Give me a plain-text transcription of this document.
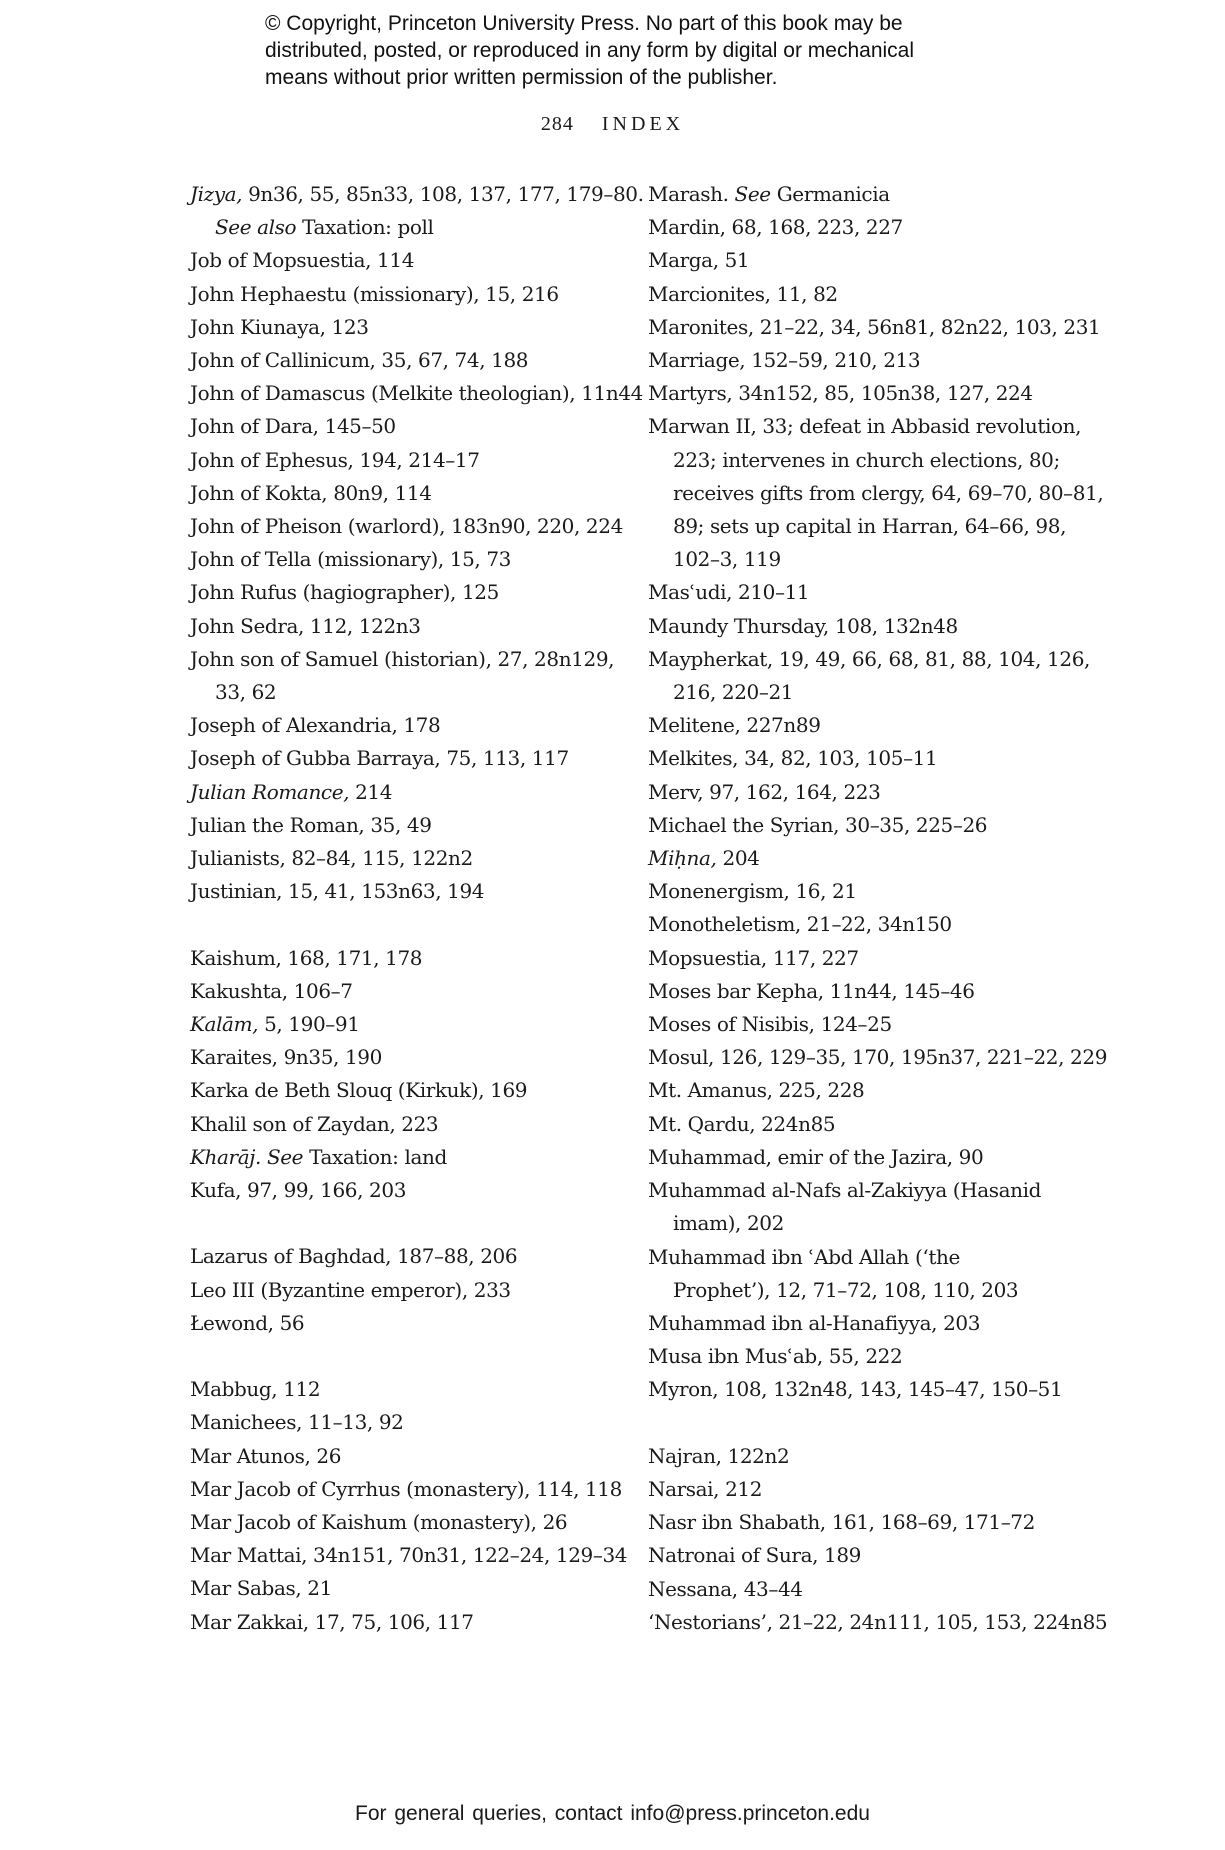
© Copyright, Princeton University Press. No part of this book may be
distributed, posted, or reproduced in any form by digital or mechanical
means without prior written permission of the publisher.
284 INDEX
Jizya, 9n36, 55, 85n33, 108, 137, 177, 179–80.
See also Taxation: poll
Job of Mopsuestia, 114
John Hephaestu (missionary), 15, 216
John Kiunaya, 123
John of Callinicum, 35, 67, 74, 188
John of Damascus (Melkite theologian), 11n44
John of Dara, 145–50
John of Ephesus, 194, 214–17
John of Kokta, 80n9, 114
John of Pheison (warlord), 183n90, 220, 224
John of Tella (missionary), 15, 73
John Rufus (hagiographer), 125
John Sedra, 112, 122n3
John son of Samuel (historian), 27, 28n129,
33, 62
Joseph of Alexandria, 178
Joseph of Gubba Barraya, 75, 113, 117
Julian Romance, 214
Julian the Roman, 35, 49
Julianists, 82–84, 115, 122n2
Justinian, 15, 41, 153n63, 194
Kaishum, 168, 171, 178
Kakushta, 106–7
Kalām, 5, 190–91
Karaites, 9n35, 190
Karka de Beth Slouq (Kirkuk), 169
Khalil son of Zaydan, 223
Kharāj. See Taxation: land
Kufa, 97, 99, 166, 203
Lazarus of Baghdad, 187–88, 206
Leo III (Byzantine emperor), 233
Łewond, 56
Mabbug, 112
Manichees, 11–13, 92
Mar Atunos, 26
Mar Jacob of Cyrrhus (monastery), 114, 118
Mar Jacob of Kaishum (monastery), 26
Mar Mattai, 34n151, 70n31, 122–24, 129–34
Mar Sabas, 21
Mar Zakkai, 17, 75, 106, 117
Marash. See Germanicia
Mardin, 68, 168, 223, 227
Marga, 51
Marcionites, 11, 82
Maronites, 21–22, 34, 56n81, 82n22, 103, 231
Marriage, 152–59, 210, 213
Martyrs, 34n152, 85, 105n38, 127, 224
Marwan II, 33; defeat in Abbasid revolution,
223; intervenes in church elections, 80;
receives gifts from clergy, 64, 69–70, 80–81,
89; sets up capital in Harran, 64–66, 98,
102–3, 119
Masʿudi, 210–11
Maundy Thursday, 108, 132n48
Maypherkat, 19, 49, 66, 68, 81, 88, 104, 126,
216, 220–21
Melitene, 227n89
Melkites, 34, 82, 103, 105–11
Merv, 97, 162, 164, 223
Michael the Syrian, 30–35, 225–26
Miḥna, 204
Monenergism, 16, 21
Monotheletism, 21–22, 34n150
Mopsuestia, 117, 227
Moses bar Kepha, 11n44, 145–46
Moses of Nisibis, 124–25
Mosul, 126, 129–35, 170, 195n37, 221–22, 229
Mt. Amanus, 225, 228
Mt. Qardu, 224n85
Muhammad, emir of the Jazira, 90
Muhammad al-Nafs al-Zakiyya (Hasanid
imam), 202
Muhammad ibn ʿAbd Allah (‘the
Prophet’), 12, 71–72, 108, 110, 203
Muhammad ibn al-Hanafiyya, 203
Musa ibn Musʿab, 55, 222
Myron, 108, 132n48, 143, 145–47, 150–51
Najran, 122n2
Narsai, 212
Nasr ibn Shabath, 161, 168–69, 171–72
Natronai of Sura, 189
Nessana, 43–44
‘Nestorians’, 21–22, 24n111, 105, 153, 224n85
For general queries, contact info@press.princeton.edu
